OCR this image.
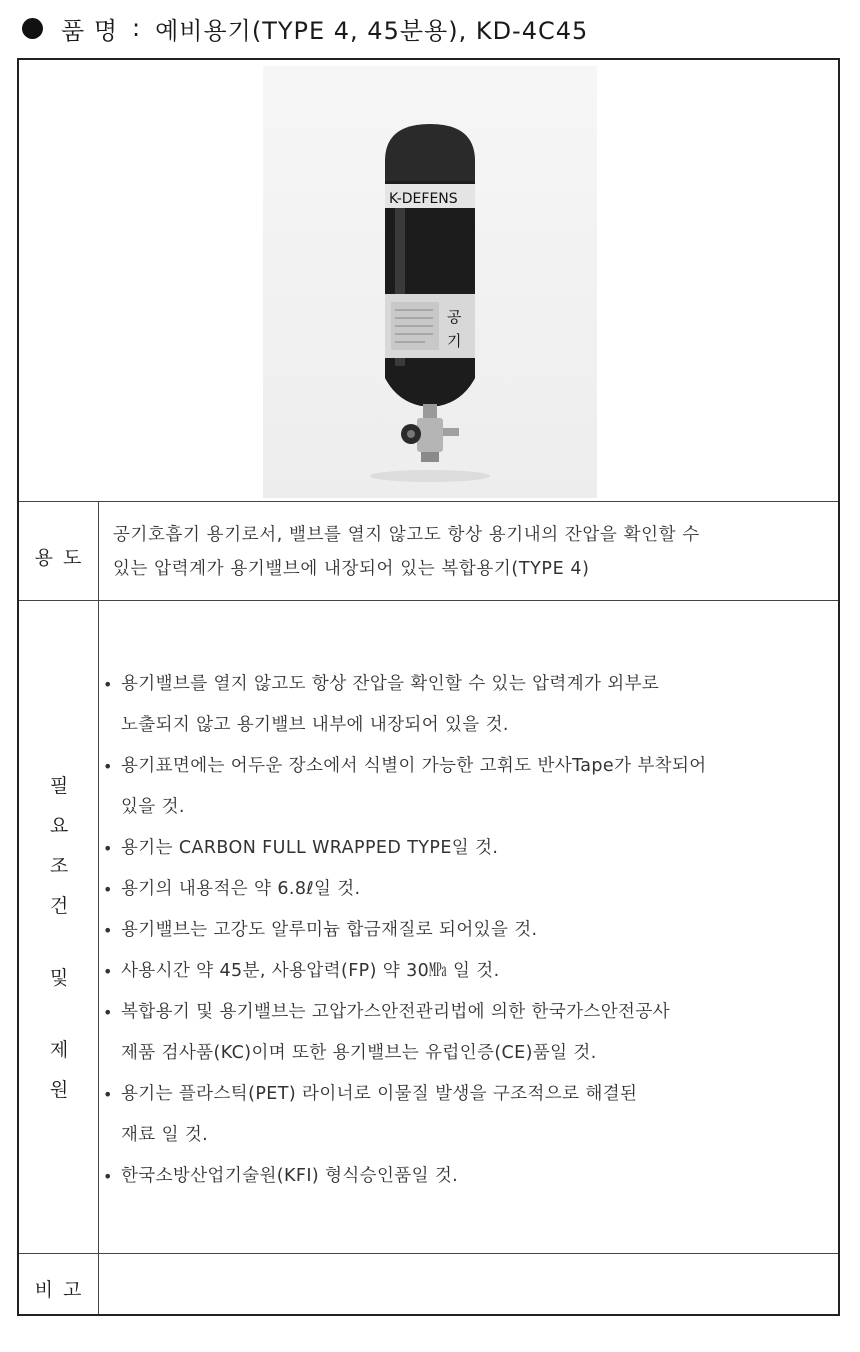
품 명 : 예비용기(TYPE 4, 45분용), KD-4C45
K-DEFENS
공
기
용 도
공기호흡기 용기로서, 밸브를 열지 않고도 항상 용기내의 잔압을 확인할 수
있는 압력계가 용기밸브에 내장되어 있는 복합용기(TYPE 4)
필
요
조
건
및
제
원
• 용기밸브를 열지 않고도 항상 잔압을 확인할 수 있는 압력계가 외부로
노출되지 않고 용기밸브 내부에 내장되어 있을 것.
• 용기표면에는 어두운 장소에서 식별이 가능한 고휘도 반사Tape가 부착되어
있을 것.
• 용기는 CARBON FULL WRAPPED TYPE일 것.
• 용기의 내용적은 약 6.8ℓ일 것.
• 용기밸브는 고강도 알루미늄 합금재질로 되어있을 것.
• 사용시간 약 45분, 사용압력(FP) 약 30㎫ 일 것.
• 복합용기 및 용기밸브는 고압가스안전관리법에 의한 한국가스안전공사
제품 검사품(KC)이며 또한 용기밸브는 유럽인증(CE)품일 것.
• 용기는 플라스틱(PET) 라이너로 이물질 발생을 구조적으로 해결된
재료 일 것.
• 한국소방산업기술원(KFI) 형식승인품일 것.
비 고
